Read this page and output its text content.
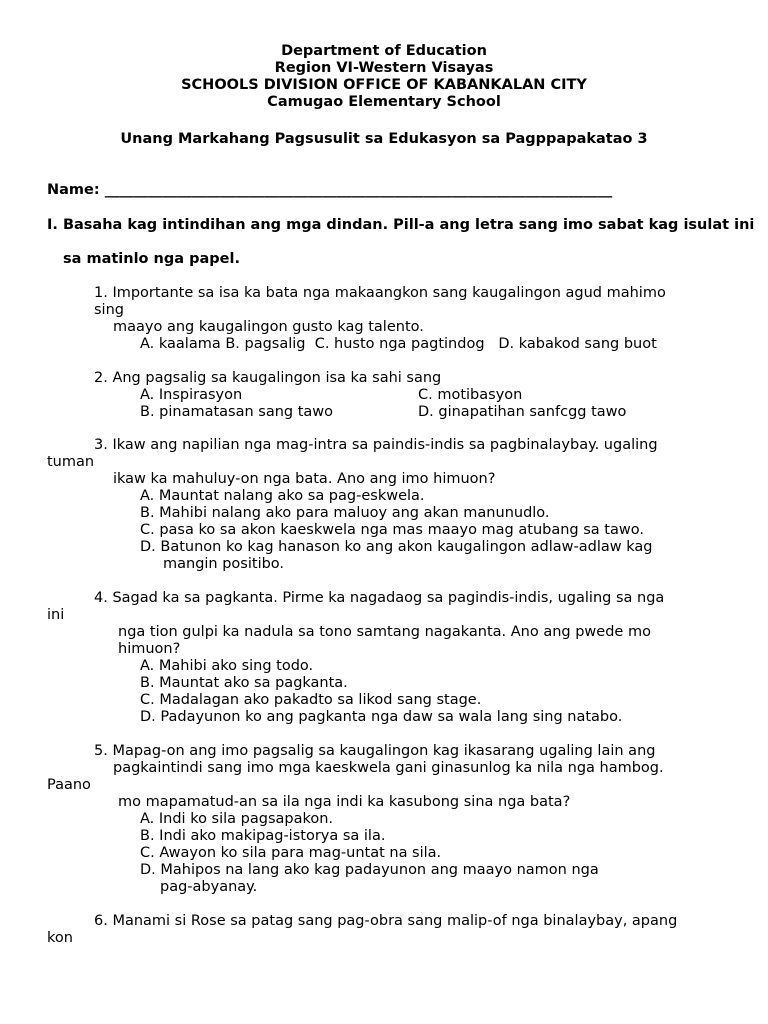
Department of Education
Region VI-Western Visayas
SCHOOLS DIVISION OFFICE OF KABANKALAN CITY
Camugao Elementary School
Unang Markahang Pagsusulit sa Edukasyon sa Pagppapakatao 3
Name: ______________________________________________________________________
I. Basaha kag intindihan ang mga dindan. Pill-a ang letra sang imo sabat kag isulat ini
sa matinlo nga papel.
1. Importante sa isa ka bata nga makaangkon sang kaugalingon agud mahimo
sing
maayo ang kaugalingon gusto kag talento.
A. kaalama B. pagsalig  C. husto nga pagtindog   D. kabakod sang buot
2. Ang pagsalig sa kaugalingon isa ka sahi sang
A. Inspirasyon	C. motibasyon
B. pinamatasan sang tawo	D. ginapatihan sanfcgg tawo
3. Ikaw ang napilian nga mag-intra sa paindis-indis sa pagbinalaybay. ugaling
tuman
ikaw ka mahuluy-on nga bata. Ano ang imo himuon?
A. Mauntat nalang ako sa pag-eskwela.
B. Mahibi nalang ako para maluoy ang akan manunudlo.
C. pasa ko sa akon kaeskwela nga mas maayo mag atubang sa tawo.
D. Batunon ko kag hanason ko ang akon kaugalingon adlaw-adlaw kag
mangin positibo.
4. Sagad ka sa pagkanta. Pirme ka nagadaog sa pagindis-indis, ugaling sa nga
ini
nga tion gulpi ka nadula sa tono samtang nagakanta. Ano ang pwede mo
himuon?
A. Mahibi ako sing todo.
B. Mauntat ako sa pagkanta.
C. Madalagan ako pakadto sa likod sang stage.
D. Padayunon ko ang pagkanta nga daw sa wala lang sing natabo.
5. Mapag-on ang imo pagsalig sa kaugalingon kag ikasarang ugaling lain ang
pagkaintindi sang imo mga kaeskwela gani ginasunlog ka nila nga hambog.
Paano
mo mapamatud-an sa ila nga indi ka kasubong sina nga bata?
A. Indi ko sila pagsapakon.
B. Indi ako makipag-istorya sa ila.
C. Awayon ko sila para mag-untat na sila.
D. Mahipos na lang ako kag padayunon ang maayo namon nga
pag-abyanay.
6. Manami si Rose sa patag sang pag-obra sang malip-of nga binalaybay, apang
kon
